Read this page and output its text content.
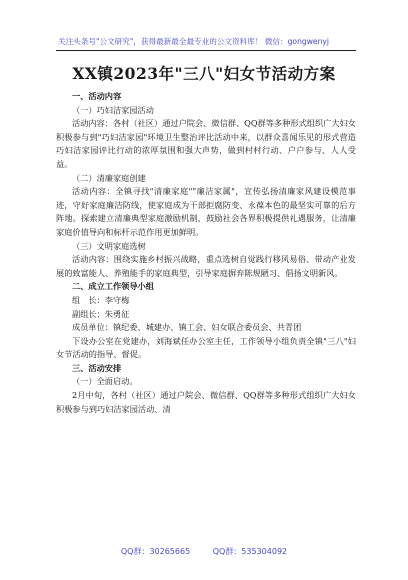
关注头条号"公文研究"，获得最新最全最专业的公文资料库！ 微信：gongwenyj
XX镇2023年"三八"妇女节活动方案

一、活动内容

（一）巧妇洁家园活动

活动内容：各村（社区）通过户院会、微信群、QQ群等多种形式组织广大妇女积极参与到"巧妇洁家园"环境卫生整治评比活动中来，以群众喜闻乐见的形式营造巧妇洁家园评比行动的浓厚氛围和强大声势，做到村村行动、户户参与、人人受益。

（二）清廉家庭创建

活动内容：全镇寻找"清廉家庭""廉洁家属"，宣传弘扬清廉家风建设模范事迹，守好家庭廉洁防线，使家庭成为干部拒腐防变、永葆本色的最坚实可靠的后方阵地。探索建立清廉典型家庭激励机制，鼓励社会各界积极提供礼遇服务，让清廉家庭价值导向和标杆示范作用更加鲜明。

（三）文明家庭选树

活动内容：围绕实施乡村振兴战略，重点选树自觉践行移风易俗、带动产业发展的致富能人、养殖能手的家庭典型，引导家庭摒弃陈规陋习、倡扬文明新风。

二、成立工作领导小组

组　长：李守梅

副组长：朱勇征

成员单位：镇纪委、城建办、镇工会、妇女联合委员会、共青团

下设办公室在党建办，刘海斌任办公室主任，工作领导小组负责全镇"三八"妇女节活动的指导、督促。

三、活动安排

（一）全面启动。

2月中旬，各村（社区）通过户院会、微信群、QQ群等多种形式组织广大妇女积极参与到巧妇洁家园活动、清

QQ群：30265665	QQ群：535304092
